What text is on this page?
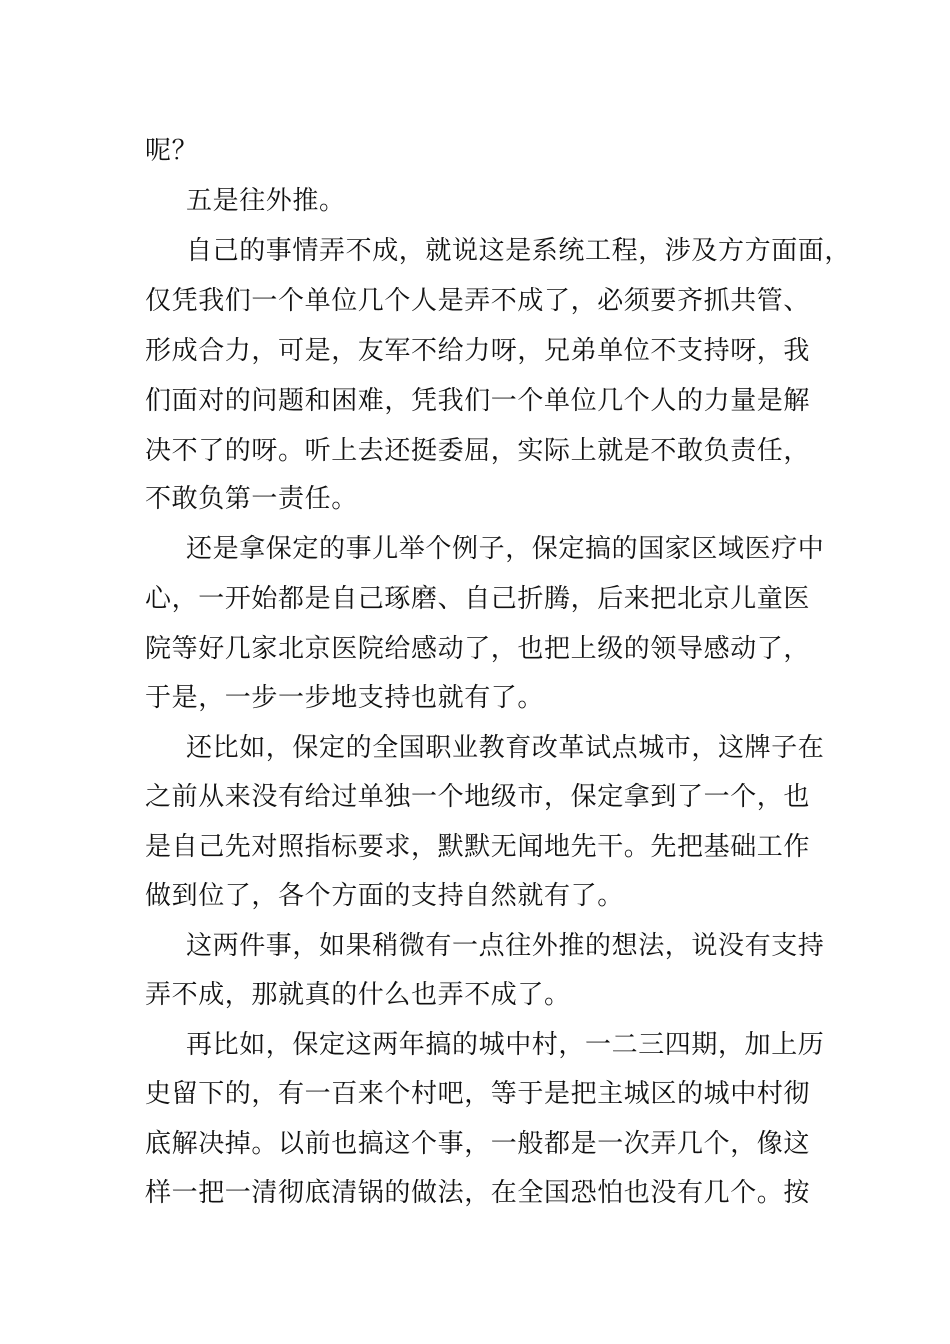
呢？
五是往外推。
自己的事情弄不成，就说这是系统工程，涉及方方面面，
仅凭我们一个单位几个人是弄不成了，必须要齐抓共管、
形成合力，可是，友军不给力呀，兄弟单位不支持呀，我
们面对的问题和困难，凭我们一个单位几个人的力量是解
决不了的呀。听上去还挺委屈，实际上就是不敢负责任，
不敢负第一责任。
还是拿保定的事儿举个例子，保定搞的国家区域医疗中
心，一开始都是自己琢磨、自己折腾，后来把北京儿童医
院等好几家北京医院给感动了，也把上级的领导感动了，
于是，一步一步地支持也就有了。
还比如，保定的全国职业教育改革试点城市，这牌子在
之前从来没有给过单独一个地级市，保定拿到了一个，也
是自己先对照指标要求，默默无闻地先干。先把基础工作
做到位了，各个方面的支持自然就有了。
这两件事，如果稍微有一点往外推的想法，说没有支持
弄不成，那就真的什么也弄不成了。
再比如，保定这两年搞的城中村，一二三四期，加上历
史留下的，有一百来个村吧，等于是把主城区的城中村彻
底解决掉。以前也搞这个事，一般都是一次弄几个，像这
样一把一清彻底清锅的做法，在全国恐怕也没有几个。按
